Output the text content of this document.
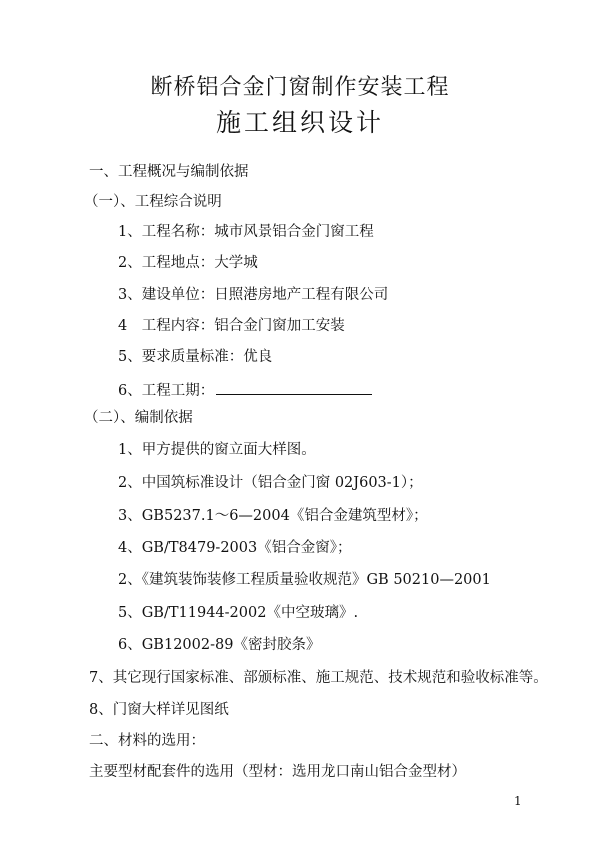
断桥铝合金门窗制作安装工程
施工组织设计
一、工程概况与编制依据
（一）、工程综合说明
1、工程名称：城市风景铝合金门窗工程
2、工程地点：大学城
3、建设单位：日照港房地产工程有限公司
4　工程内容：铝合金门窗加工安装
5、要求质量标准：优良
6、工程工期：
（二）、编制依据
1、甲方提供的窗立面大样图。
2、中国筑标准设计（铝合金门窗 02J603-1）；
3、GB5237.1～6—2004《铝合金建筑型材》；
4、GB/T8479-2003《铝合金窗》；
2、《建筑装饰装修工程质量验收规范》GB 50210—2001
5、GB/T11944-2002《中空玻璃》.
6、GB12002-89《密封胶条》
7、其它现行国家标准、部颁标准、施工规范、技术规范和验收标准等。
8、门窗大样详见图纸
二、材料的选用：
主要型材配套件的选用（型材：选用龙口南山铝合金型材）
1
